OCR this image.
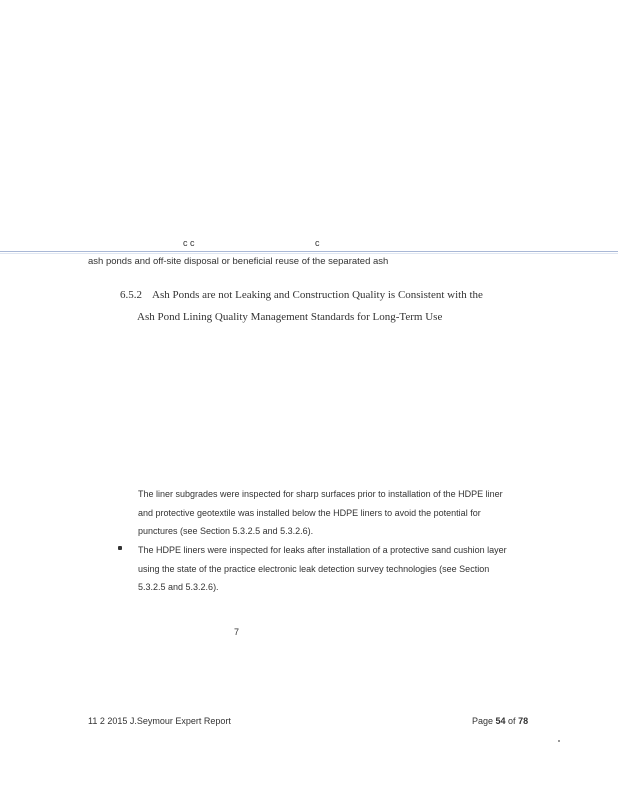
c c	c
ash ponds and off-site disposal or beneficial reuse of the separated ash
6.5.2 Ash Ponds are not Leaking and Construction Quality is Consistent with the
Ash Pond Lining Quality Management Standards for Long-Term Use
The liner subgrades were inspected for sharp surfaces prior to installation of the HDPE liner
and protective geotextile was installed below the HDPE liners to avoid the potential for
punctures (see Section 5.3.2.5 and 5.3.2.6).
The HDPE liners were inspected for leaks after installation of a protective sand cushion layer
using the state of the practice electronic leak detection survey technologies (see Section
5.3.2.5 and 5.3.2.6).
7
11 2 2015 J.Seymour Expert Report	Page 54 of 78
